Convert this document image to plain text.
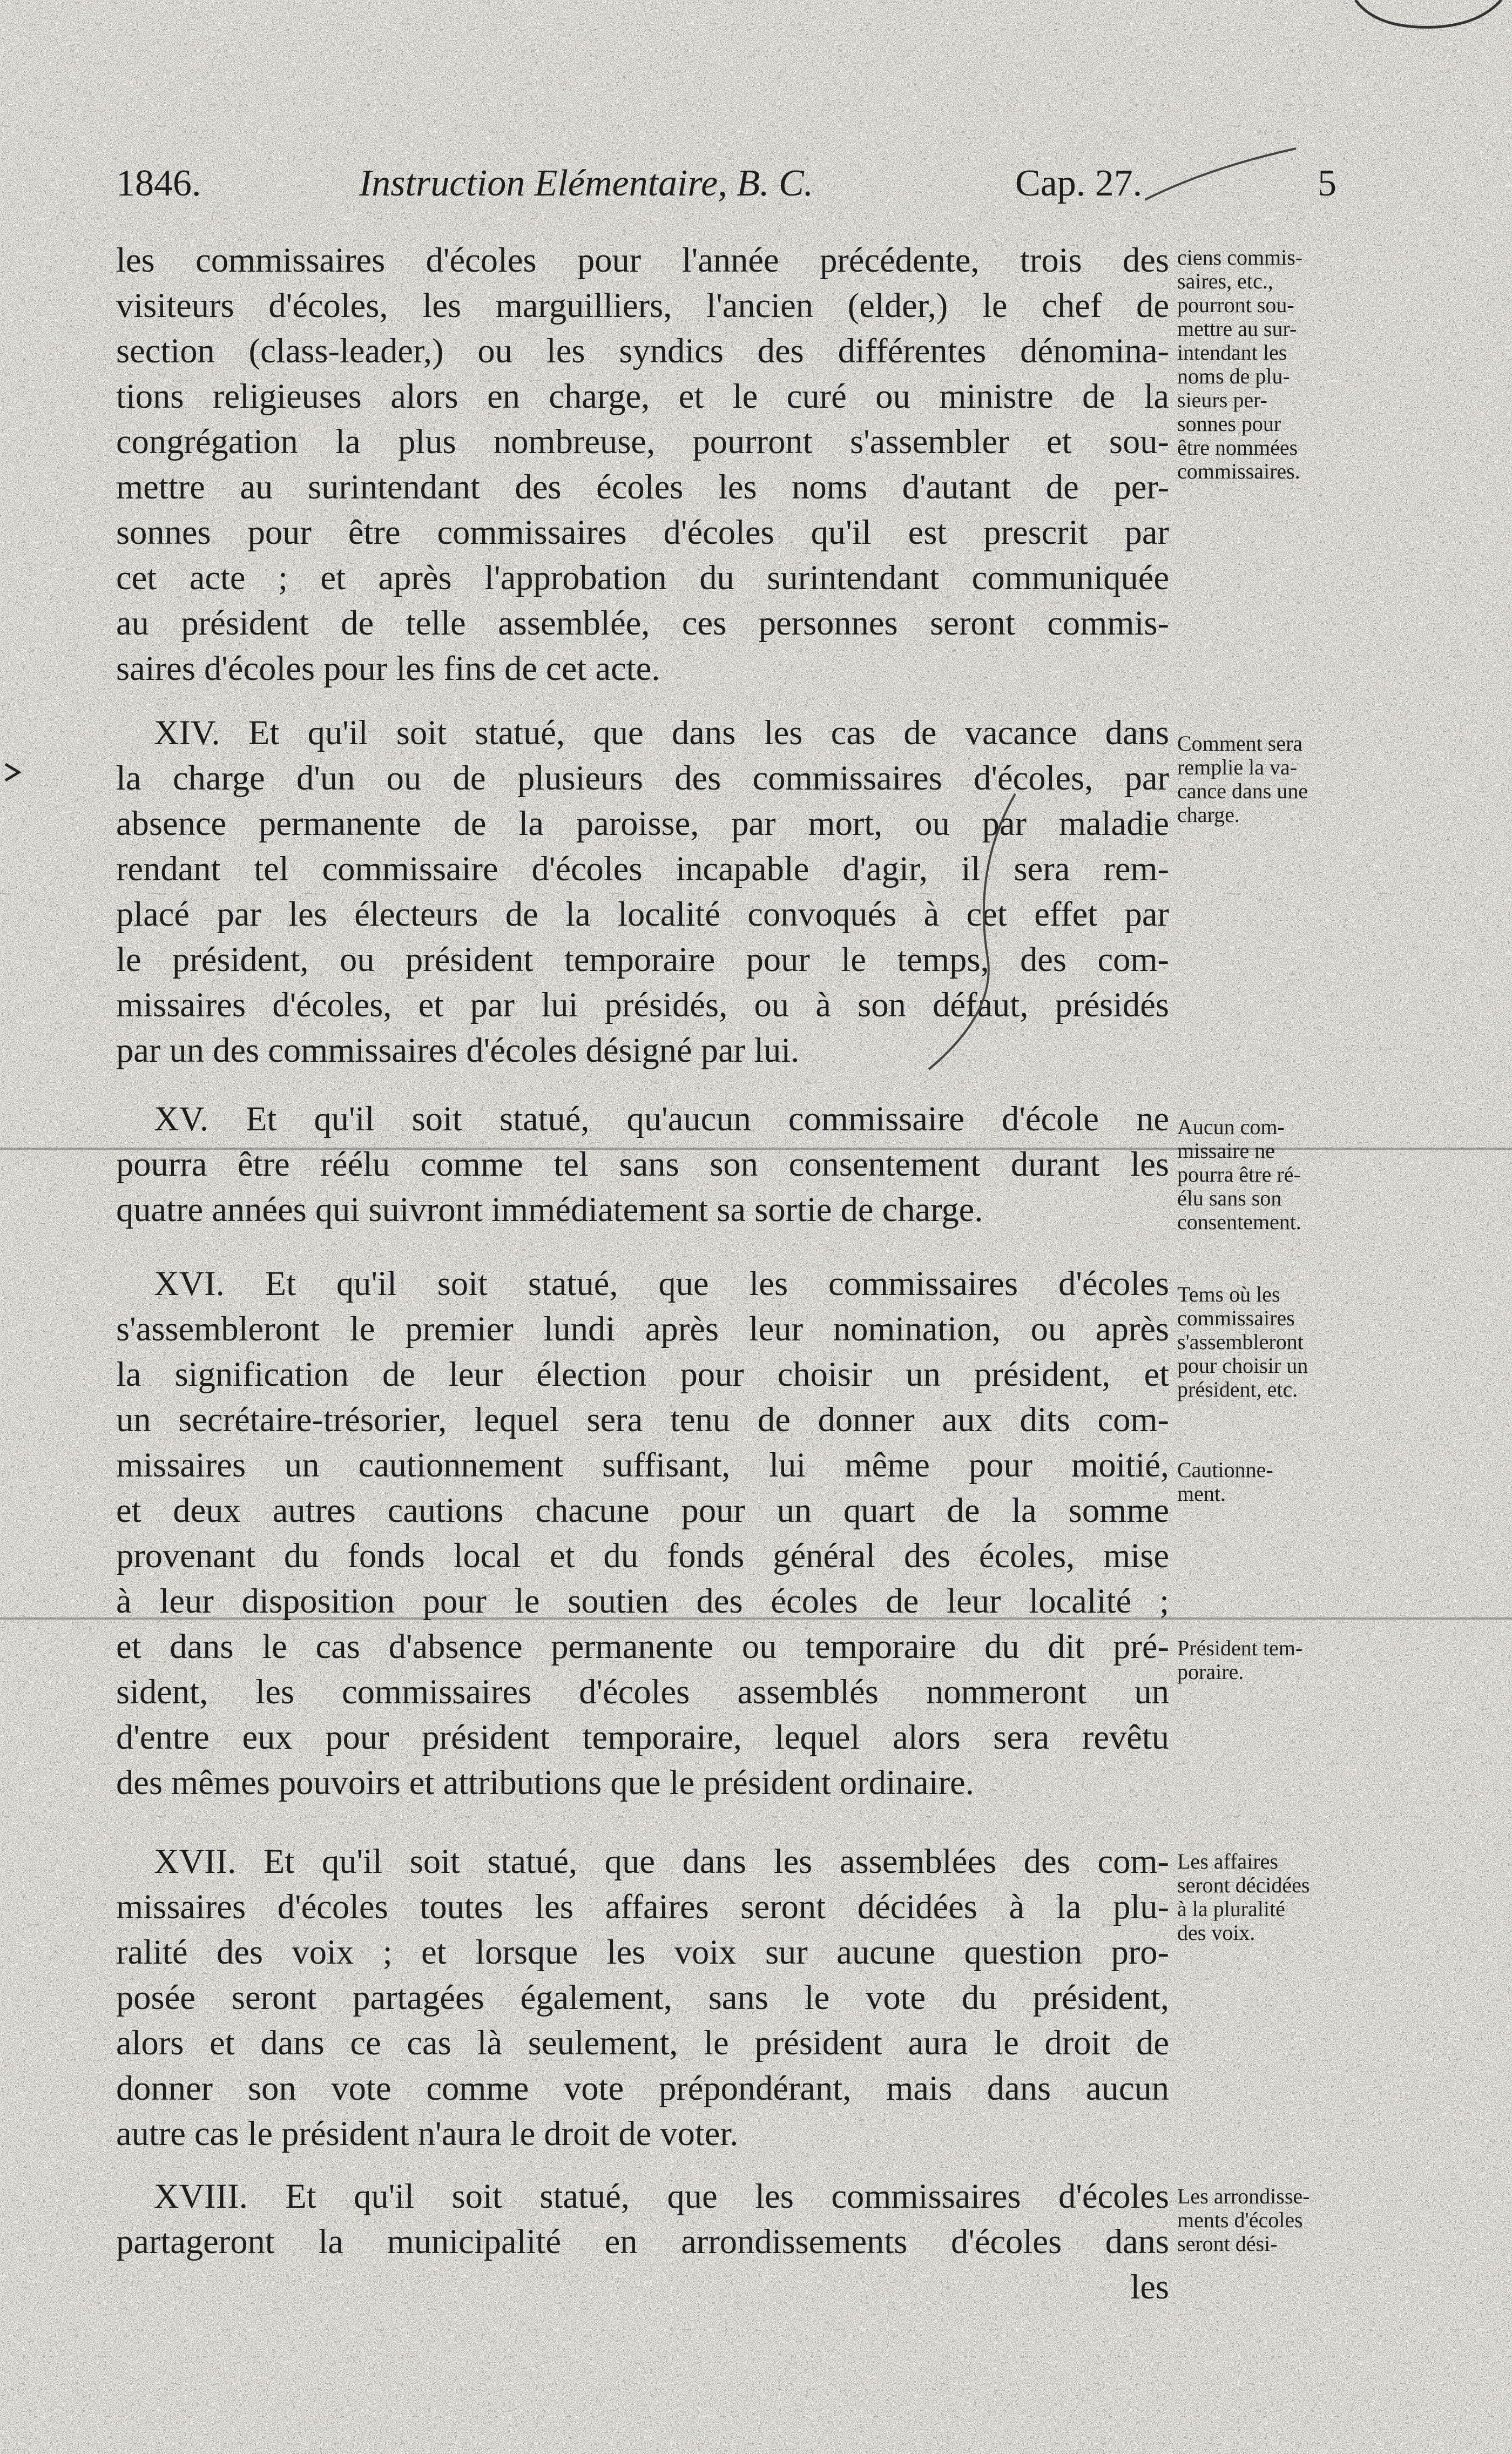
1846.	Instruction Elémentaire, B. C.	Cap. 27.	5
les commissaires d'écoles pour l'année précédente, trois des
visiteurs d'écoles, les marguilliers, l'ancien (elder,) le chef de
section (class-leader,) ou les syndics des différentes dénomina-
tions religieuses alors en charge, et le curé ou ministre de la
congrégation la plus nombreuse, pourront s'assembler et sou-
mettre au surintendant des écoles les noms d'autant de per-
sonnes pour être commissaires d'écoles qu'il est prescrit par
cet acte ; et après l'approbation du surintendant communiquée
au président de telle assemblée, ces personnes seront commis-
saires d'écoles pour les fins de cet acte.
ciens commis-
saires, etc.,
pourront sou-
mettre au sur-
intendant les
noms de plu-
sieurs per-
sonnes pour
être nommées
commissaires.
XIV. Et qu'il soit statué, que dans les cas de vacance dans
la charge d'un ou de plusieurs des commissaires d'écoles, par
absence permanente de la paroisse, par mort, ou par maladie
rendant tel commissaire d'écoles incapable d'agir, il sera rem-
placé par les électeurs de la localité convoqués à cet effet par
le président, ou président temporaire pour le temps, des com-
missaires d'écoles, et par lui présidés, ou à son défaut, présidés
par un des commissaires d'écoles désigné par lui.
Comment sera
remplie la va-
cance dans une
charge.
XV. Et qu'il soit statué, qu'aucun commissaire d'école ne
pourra être réélu comme tel sans son consentement durant les
quatre années qui suivront immédiatement sa sortie de charge.
Aucun com-
missaire ne
pourra être ré-
élu sans son
consentement.
XVI. Et qu'il soit statué, que les commissaires d'écoles
s'assembleront le premier lundi après leur nomination, ou après
la signification de leur élection pour choisir un président, et
un secrétaire-trésorier, lequel sera tenu de donner aux dits com-
missaires un cautionnement suffisant, lui même pour moitié,
et deux autres cautions chacune pour un quart de la somme
provenant du fonds local et du fonds général des écoles, mise
à leur disposition pour le soutien des écoles de leur localité ;
et dans le cas d'absence permanente ou temporaire du dit pré-
sident, les commissaires d'écoles assemblés nommeront un
d'entre eux pour président temporaire, lequel alors sera revêtu
des mêmes pouvoirs et attributions que le président ordinaire.
Tems où les
commissaires
s'assembleront
pour choisir un
président, etc.
Cautionne-
ment.
Président tem-
poraire.
XVII. Et qu'il soit statué, que dans les assemblées des com-
missaires d'écoles toutes les affaires seront décidées à la plu-
ralité des voix ; et lorsque les voix sur aucune question pro-
posée seront partagées également, sans le vote du président,
alors et dans ce cas là seulement, le président aura le droit de
donner son vote comme vote prépondérant, mais dans aucun
autre cas le président n'aura le droit de voter.
Les affaires
seront décidées
à la pluralité
des voix.
XVIII. Et qu'il soit statué, que les commissaires d'écoles
partageront la municipalité en arrondissements d'écoles dans
les
Les arrondisse-
ments d'écoles
seront dési-
